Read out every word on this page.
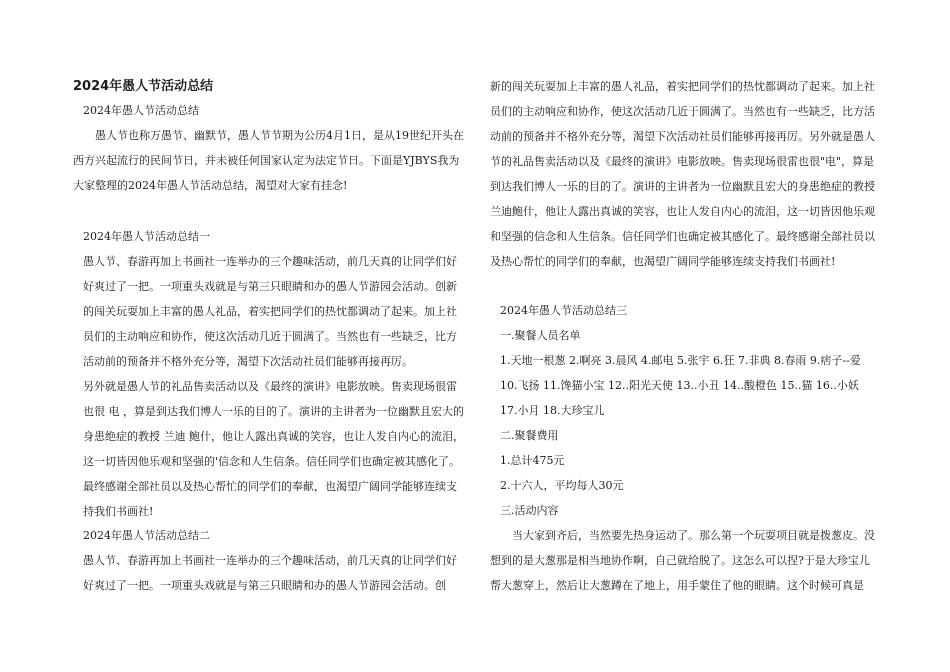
2024年愚人节活动总结

2024年愚人节活动总结

愚人节也称万愚节、幽默节，愚人节节期为公历4月1日，是从19世纪开头在西方兴起流行的民间节日，并未被任何国家认定为法定节日。下面是YJBYS我为大家整理的2024年愚人节活动总结，渴望对大家有挂念!

2024年愚人节活动总结一

愚人节、春游再加上书画社一连举办的三个趣味活动，前几天真的让同学们好好爽过了一把。一项重头戏就是与第三只眼睛和办的愚人节游园会活动。创新的闯关玩耍加上丰富的愚人礼品，着实把同学们的热忱都调动了起来。加上社员们的主动响应和协作，使这次活动几近于圆满了。当然也有一些缺乏，比方活动前的预备并不格外充分等，渴望下次活动社员们能够再接再厉。

另外就是愚人节的礼品售卖活动以及《最终的演讲》电影放映。售卖现场很雷也很 电 ，算是到达我们博人一乐的目的了。演讲的主讲者为一位幽默且宏大的身患绝症的教授 兰迪 鲍什，他让人露出真诚的笑容，也让人发自内心的流泪，这一切皆因他乐观和坚强的'信念和人生信条。信任同学们也确定被其感化了。最终感谢全部社员以及热心帮忙的同学们的奉献，也渴望广阔同学能够连续支持我们书画社!

2024年愚人节活动总结二

愚人节、春游再加上书画社一连举办的三个趣味活动，前几天真的让同学们好好爽过了一把。一项重头戏就是与第三只眼睛和办的愚人节游园会活动。创

新的闯关玩耍加上丰富的愚人礼品，着实把同学们的热忱都调动了起来。加上社员们的主动响应和协作，使这次活动几近于圆满了。当然也有一些缺乏，比方活动前的预备并不格外充分等，渴望下次活动社员们能够再接再厉。另外就是愚人节的礼品售卖活动以及《最终的演讲》电影放映。售卖现场很雷也很"电"，算是到达我们博人一乐的目的了。演讲的主讲者为一位幽默且宏大的身患绝症的教授兰迪鲍什，他让人露出真诚的笑容，也让人发自内心的流泪，这一切皆因他乐观和坚强的信念和人生信条。信任同学们也确定被其感化了。最终感谢全部社员以及热心帮忙的同学们的奉献，也渴望广阔同学能够连续支持我们书画社!

2024年愚人节活动总结三

一.聚餐人员名单

1.天地一根葱 2.啊亮 3.晨风 4.邮电 5.张宇 6.狂 7.非典 8.春雨 9.痞子--爱

10.飞扬 11.馋猫小宝 12..阳光天使 13..小丑 14..酸橙色 15..猫 16..小妖

17.小月 18.大珍宝儿

二.聚餐费用

1.总计475元

2.十六人，平均每人30元

三.活动内容

当大家到齐后，当然要先热身运动了。那么第一个玩耍项目就是拨葱皮。没想到的是大葱那是相当地协作啊，自己就给脱了。这怎么可以捏?于是大珍宝儿帮大葱穿上，然后让大葱蹲在了地上，用手蒙住了他的眼睛。这个时候可真是
